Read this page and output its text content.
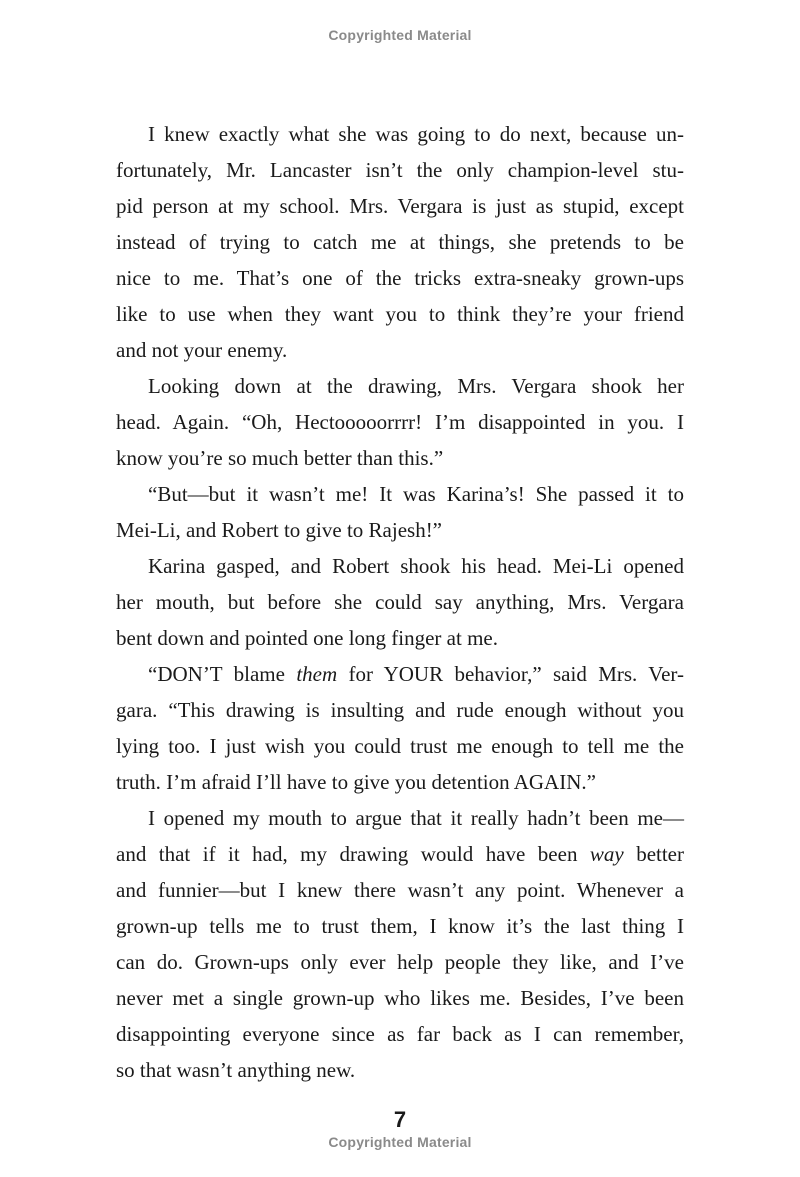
Copyrighted Material

I knew exactly what she was going to do next, because un-
fortunately, Mr. Lancaster isn’t the only champion-level stu-
pid person at my school. Mrs. Vergara is just as stupid, except
instead of trying to catch me at things, she pretends to be
nice to me. That’s one of the tricks extra-sneaky grown-ups
like to use when they want you to think they’re your friend
and not your enemy.

Looking down at the drawing, Mrs. Vergara shook her
head. Again. “Oh, Hectooooorrrr! I’m disappointed in you. I
know you’re so much better than this.”

“But—but it wasn’t me! It was Karina’s! She passed it to
Mei-Li, and Robert to give to Rajesh!”

Karina gasped, and Robert shook his head. Mei-Li opened
her mouth, but before she could say anything, Mrs. Vergara
bent down and pointed one long finger at me.

“DON’T blame them for YOUR behavior,” said Mrs. Ver-
gara. “This drawing is insulting and rude enough without you
lying too. I just wish you could trust me enough to tell me the
truth. I’m afraid I’ll have to give you detention AGAIN.”

I opened my mouth to argue that it really hadn’t been me—
and that if it had, my drawing would have been way better
and funnier—but I knew there wasn’t any point. Whenever a
grown-up tells me to trust them, I know it’s the last thing I
can do. Grown-ups only ever help people they like, and I’ve
never met a single grown-up who likes me. Besides, I’ve been
disappointing everyone since as far back as I can remember,
so that wasn’t anything new.

7
Copyrighted Material
